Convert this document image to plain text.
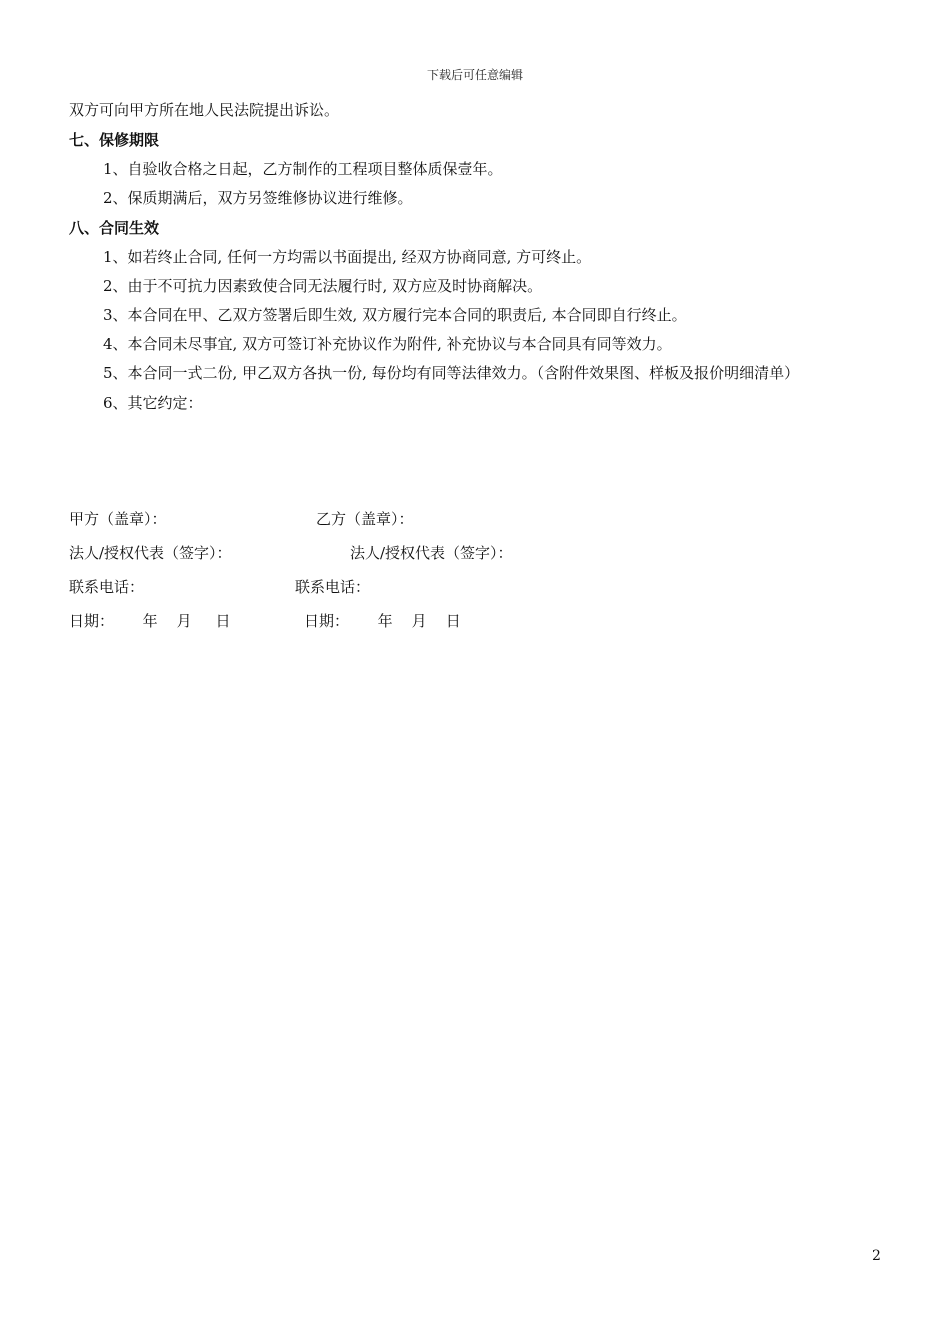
下载后可任意编辑
双方可向甲方所在地人民法院提出诉讼。
七、保修期限
1、自验收合格之日起，乙方制作的工程项目整体质保壹年。
2、保质期满后，双方另签维修协议进行维修。
八、合同生效
1、如若终止合同, 任何一方均需以书面提出, 经双方协商同意, 方可终止。
2、由于不可抗力因素致使合同无法履行时, 双方应及时协商解决。
3、本合同在甲、乙双方签署后即生效, 双方履行完本合同的职责后, 本合同即自行终止。
4、本合同未尽事宜, 双方可签订补充协议作为附件, 补充协议与本合同具有同等效力。
5、本合同一式二份, 甲乙双方各执一份, 每份均有同等法律效力。（含附件效果图、样板及报价明细清单）
6、其它约定：
甲方（盖章）：	乙方（盖章）：
法人/授权代表（签字）：	法人/授权代表（签字）：
联系电话：	联系电话：
日期：      年    月     日	日期：      年    月    日
2
